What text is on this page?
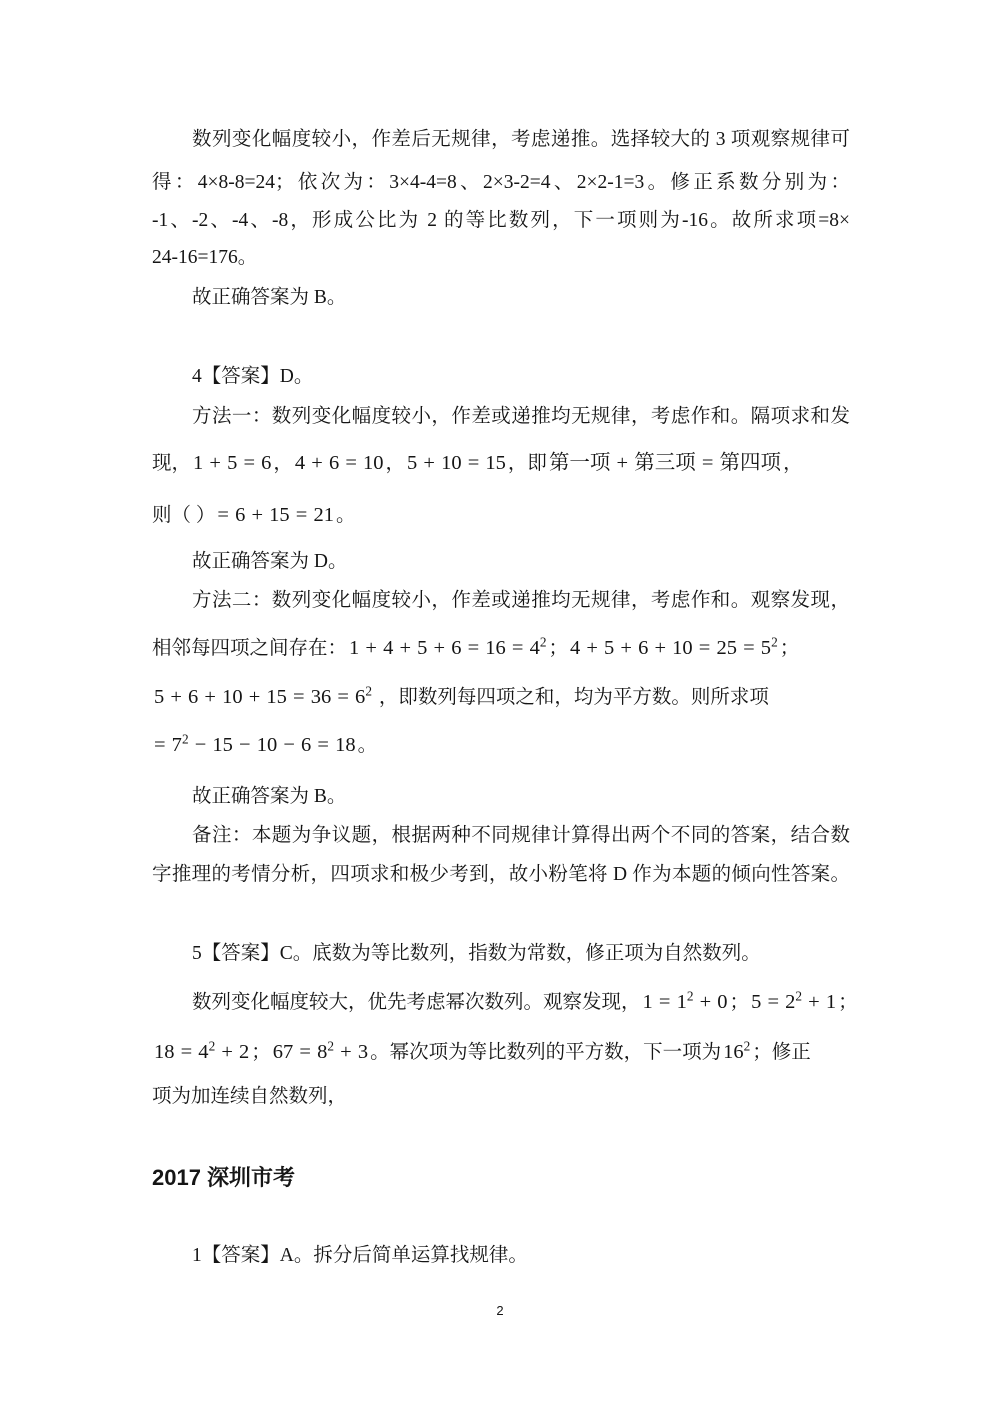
数列变化幅度较小，作差后无规律，考虑递推。选择较大的 3 项观察规律可
得：4×8-8=24；依次为：3×4-4=8、2×3-2=4、2×2-1=3。修正系数分别为：
-1、-2、-4、-8，形成公比为 2 的等比数列，下一项则为-16。故所求项=8×
24-16=176。
故正确答案为 B。
4【答案】D。
方法一：数列变化幅度较小，作差或递推均无规律，考虑作和。隔项求和发
现，1 + 5 = 6 ，4 + 6 = 10 ，5 + 10 = 15 ，即第一项 + 第三项 = 第四项 ，
则（ ）= 6 + 15 = 21 。
故正确答案为 D。
方法二：数列变化幅度较小，作差或递推均无规律，考虑作和。观察发现，
相邻每四项之间存在：$1 + 4 + 5 + 6 = 16 = 4^2$ ；$4 + 5 + 6 + 10 = 25 = 5^2$ ；
$5 + 6 + 10 + 15 = 36 = 6^2$ ，即数列每四项之和，均为平方数。则所求项
= $7^2 - 15 - 10 - 6 = 18$ 。
故正确答案为 B。
备注：本题为争议题，根据两种不同规律计算得出两个不同的答案，结合数
字推理的考情分析，四项求和极少考到，故小粉笔将 D 作为本题的倾向性答案。
5【答案】C。底数为等比数列，指数为常数，修正项为自然数列。
数列变化幅度较大，优先考虑幂次数列。观察发现，$1 = 1^2 + 0$ ；$5 = 2^2 + 1$ ；
$18 = 4^2 + 2$ ；$67 = 8^2 + 3$ 。幂次项为等比数列的平方数，下一项为$16^2$ ；修正
项为加连续自然数列，
2017 深圳市考
1【答案】A。拆分后简单运算找规律。
2
